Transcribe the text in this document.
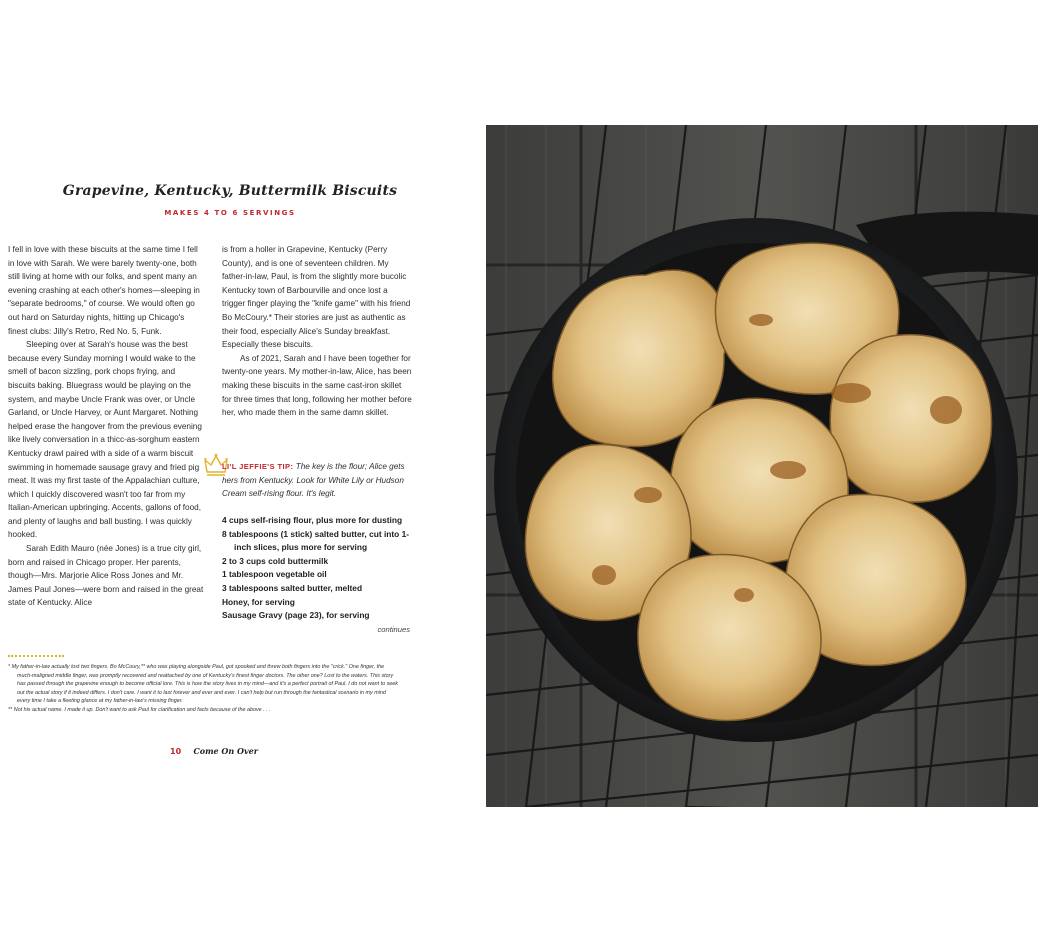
Grapevine, Kentucky, Buttermilk Biscuits
MAKES 4 TO 6 SERVINGS

I fell in love with these biscuits at the same time I fell in love with Sarah. We were barely twenty-one, both still living at home with our folks, and spent many an evening crashing at each other's homes—sleeping in "separate bedrooms," of course. We would often go out hard on Saturday nights, hitting up Chicago's finest clubs: Jilly's Retro, Red No. 5, Funk.

Sleeping over at Sarah's house was the best because every Sunday morning I would wake to the smell of bacon sizzling, pork chops frying, and biscuits baking. Bluegrass would be playing on the system, and maybe Uncle Frank was over, or Uncle Garland, or Uncle Harvey, or Aunt Margaret. Nothing helped erase the hangover from the previous evening like lively conversation in a thicc-as-sorghum eastern Kentucky drawl paired with a side of a warm biscuit swimming in homemade sausage gravy and fried pig meat. It was my first taste of the Appalachian culture, which I quickly discovered wasn't too far from my Italian-American upbringing. Accents, gallons of food, and plenty of laughs and ball busting. I was quickly hooked.

Sarah Edith Mauro (née Jones) is a true city girl, born and raised in Chicago proper. Her parents, though—Mrs. Marjorie Alice Ross Jones and Mr. James Paul Jones—were born and raised in the great state of Kentucky. Alice

is from a holler in Grapevine, Kentucky (Perry County), and is one of seventeen children. My father-in-law, Paul, is from the slightly more bucolic Kentucky town of Barbourville and once lost a trigger finger playing the "knife game" with his friend Bo McCoury.* Their stories are just as authentic as their food, especially Alice's Sunday breakfast. Especially these biscuits.

As of 2021, Sarah and I have been together for twenty-one years. My mother-in-law, Alice, has been making these biscuits in the same cast-iron skillet for three times that long, following her mother before her, who made them in the same damn skillet.

LI'L JEFFIE'S TIP: The key is the flour; Alice gets hers from Kentucky. Look for White Lily or Hudson Cream self-rising flour. It's legit.
4 cups self-rising flour, plus more for dusting
8 tablespoons (1 stick) salted butter, cut into 1-inch slices, plus more for serving
2 to 3 cups cold buttermilk
1 tablespoon vegetable oil
3 tablespoons salted butter, melted
Honey, for serving
Sausage Gravy (page 23), for serving
continues

* My father-in-law actually lost two fingers. Bo McCoury,** who was playing alongside Paul, got spooked and threw both fingers into the "crick." One finger, the much-maligned middle finger, was promptly recovered and reattached by one of Kentucky's finest finger doctors. The other one? Lost to the waters. This story has passed through the grapevine enough to become official lore. This is how the story lives in my mind—and it's a perfect portrait of Paul. I do not want to seek out the actual story if it indeed differs. I don't care. I want it to last forever and ever and ever. I can't help but run through the fantastical scenario in my mind every time I take a fleeting glance at my father-in-law's missing finger.

** Not his actual name. I made it up. Don't want to ask Paul for clarification and facts because of the above . . .

10 Come On Over
